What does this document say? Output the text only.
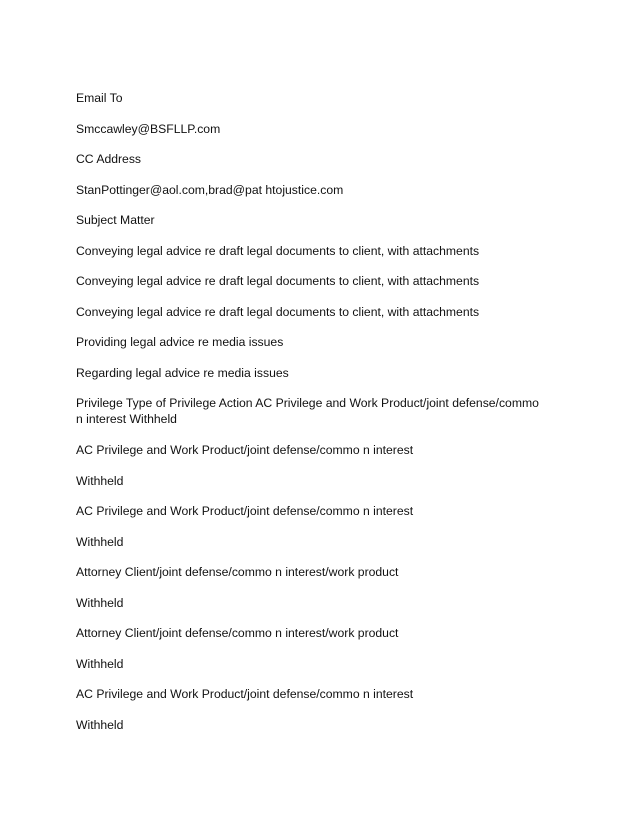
Email To
Smccawley@BSFLLP.com
CC Address
StanPottinger@aol.com,brad@pat htojustice.com
Subject Matter
Conveying legal advice re draft legal documents to client, with attachments
Conveying legal advice re draft legal documents to client, with attachments
Conveying legal advice re draft legal documents to client, with attachments
Providing legal advice re media issues
Regarding legal advice re media issues
Privilege Type of Privilege Action AC Privilege and Work Product/joint defense/commo n interest Withheld
AC Privilege and Work Product/joint defense/commo n interest
Withheld
AC Privilege and Work Product/joint defense/commo n interest
Withheld
Attorney Client/joint defense/commo n interest/work product
Withheld
Attorney Client/joint defense/commo n interest/work product
Withheld
AC Privilege and Work Product/joint defense/commo n interest
Withheld
